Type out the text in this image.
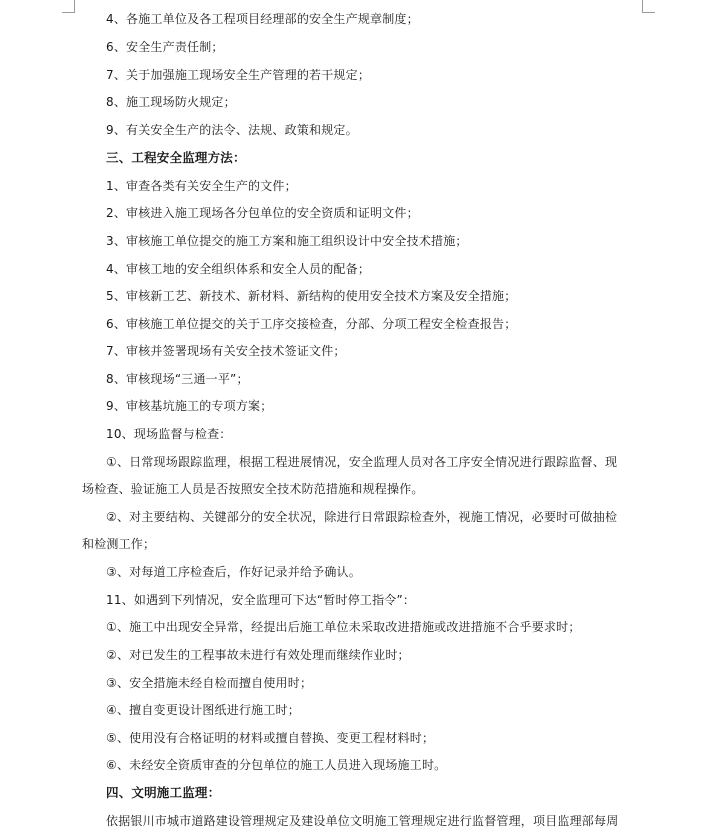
4、各施工单位及各工程项目经理部的安全生产规章制度；
6、安全生产责任制；
7、关于加强施工现场安全生产管理的若干规定；
8、施工现场防火规定；
9、有关安全生产的法令、法规、政策和规定。
三、工程安全监理方法：
1、审查各类有关安全生产的文件；
2、审核进入施工现场各分包单位的安全资质和证明文件；
3、审核施工单位提交的施工方案和施工组织设计中安全技术措施；
4、审核工地的安全组织体系和安全人员的配备；
5、审核新工艺、新技术、新材料、新结构的使用安全技术方案及安全措施；
6、审核施工单位提交的关于工序交接检查，分部、分项工程安全检查报告；
7、审核并签署现场有关安全技术签证文件；
8、审核现场“三通一平”；
9、审核基坑施工的专项方案；
10、现场监督与检查：
①、日常现场跟踪监理，根据工程进展情况，安全监理人员对各工序安全情况进行跟踪监督、现
场检查、验证施工人员是否按照安全技术防范措施和规程操作。
②、对主要结构、关键部分的安全状况，除进行日常跟踪检查外，视施工情况，必要时可做抽检
和检测工作；
③、对每道工序检查后，作好记录并给予确认。
11、如遇到下列情况，安全监理可下达“暂时停工指令”：
①、施工中出现安全异常，经提出后施工单位未采取改进措施或改进措施不合乎要求时；
②、对已发生的工程事故未进行有效处理而继续作业时；
③、安全措施未经自检而擅自使用时；
④、擅自变更设计图纸进行施工时；
⑤、使用没有合格证明的材料或擅自替换、变更工程材料时；
⑥、未经安全资质审查的分包单位的施工人员进入现场施工时。
四、文明施工监理：
依据银川市城市道路建设管理规定及建设单位文明施工管理规定进行监督管理，项目监理部每周
